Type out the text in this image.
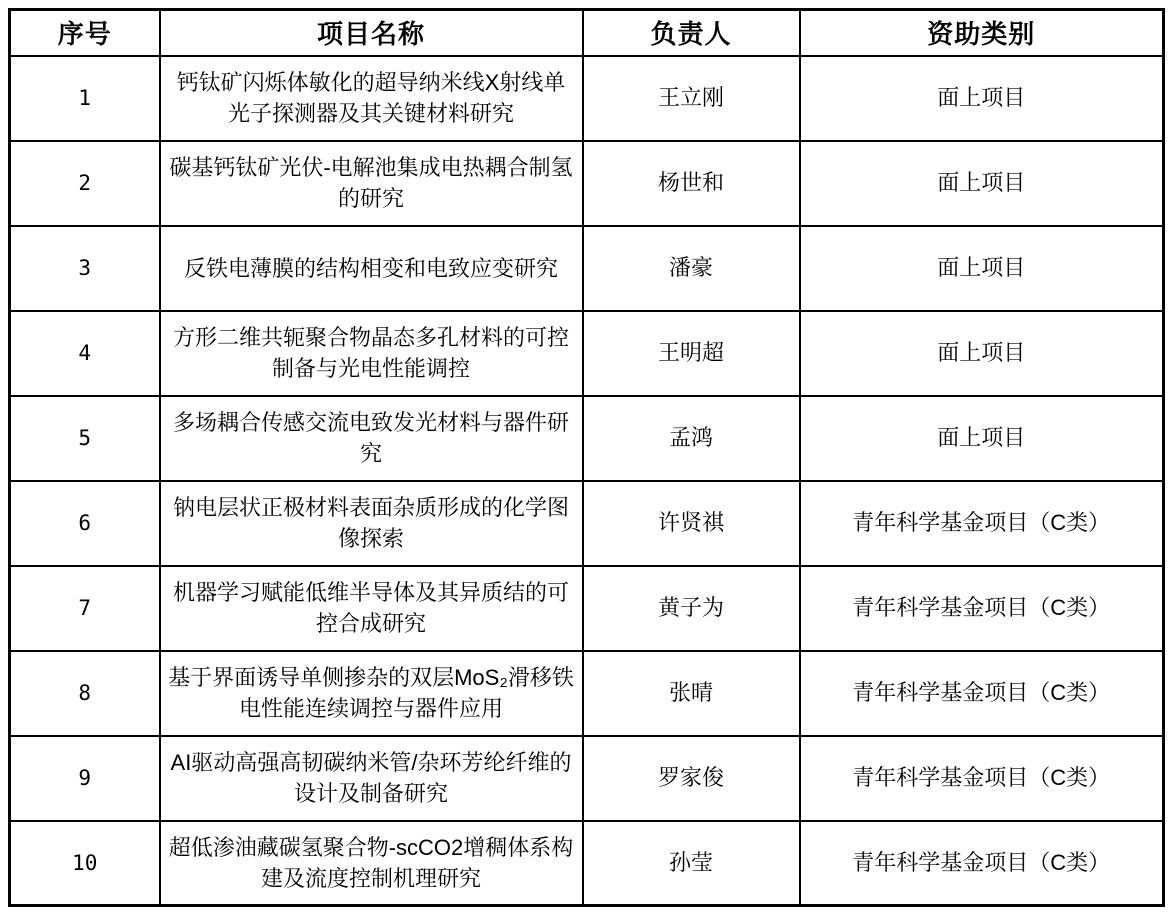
序号	项目名称	负责人	资助类别
1	钙钛矿闪烁体敏化的超导纳米线X射线单光子探测器及其关键材料研究	王立刚	面上项目
2	碳基钙钛矿光伏-电解池集成电热耦合制氢的研究	杨世和	面上项目
3	反铁电薄膜的结构相变和电致应变研究	潘豪	面上项目
4	方形二维共轭聚合物晶态多孔材料的可控制备与光电性能调控	王明超	面上项目
5	多场耦合传感交流电致发光材料与器件研究	孟鸿	面上项目
6	钠电层状正极材料表面杂质形成的化学图像探索	许贤祺	青年科学基金项目（C类）
7	机器学习赋能低维半导体及其异质结的可控合成研究	黄子为	青年科学基金项目（C类）
8	基于界面诱导单侧掺杂的双层MoS₂滑移铁电性能连续调控与器件应用	张晴	青年科学基金项目（C类）
9	AI驱动高强高韧碳纳米管/杂环芳纶纤维的设计及制备研究	罗家俊	青年科学基金项目（C类）
10	超低渗油藏碳氢聚合物-scCO2增稠体系构建及流度控制机理研究	孙莹	青年科学基金项目（C类）
